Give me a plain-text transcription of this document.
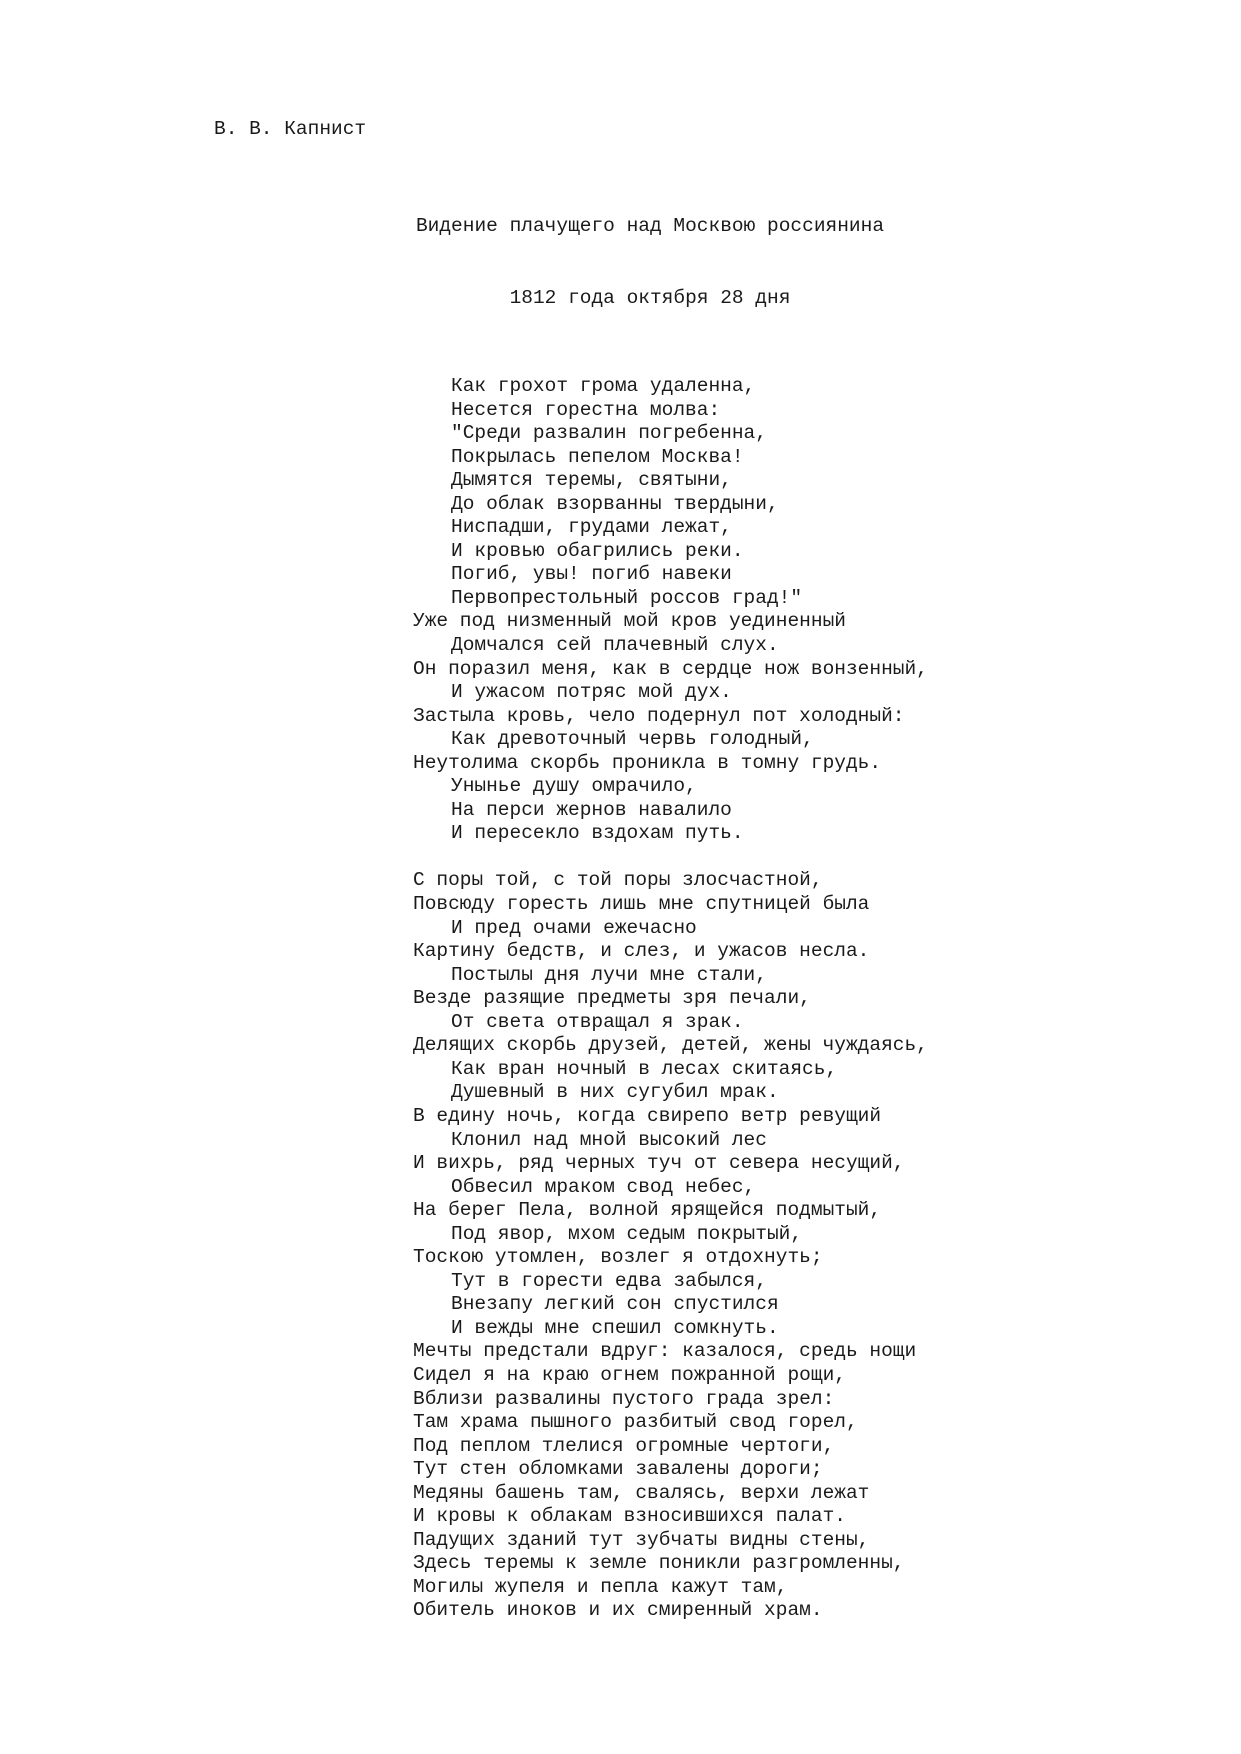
В. В. Капнист

Видение плачущего над Москвою россиянина

1812 года октября 28 дня

Как грохот грома удаленна,
Несется горестна молва:
"Среди развалин погребенна,
Покрылась пепелом Москва!
Дымятся теремы, святыни,
До облак взорванны твердыни,
Ниспадши, грудами лежат,
И кровью обагрились реки.
Погиб, увы! погиб навеки
Первопрестольный россов град!"
Уже под низменный мой кров уединенный
Домчался сей плачевный слух.
Он поразил меня, как в сердце нож вонзенный,
И ужасом потряс мой дух.
Застыла кровь, чело подернул пот холодный:
Как древоточный червь голодный,
Неутолима скорбь проникла в томну грудь.
Унынье душу омрачило,
На перси жернов навалило
И пересекло вздохам путь.
С поры той, с той поры злосчастной,
Повсюду горесть лишь мне спутницей была
И пред очами ежечасно
Картину бедств, и слез, и ужасов несла.
Постылы дня лучи мне стали,
Везде разящие предметы зря печали,
От света отвращал я зрак.
Делящих скорбь друзей, детей, жены чуждаясь,
Как вран ночный в лесах скитаясь,
Душевный в них сугубил мрак.
В едину ночь, когда свирепо ветр ревущий
Клонил над мной высокий лес
И вихрь, ряд черных туч от севера несущий,
Обвесил мраком свод небес,
На берег Пела, волной ярящейся подмытый,
Под явор, мхом седым покрытый,
Тоскою утомлен, возлег я отдохнуть;
Тут в горести едва забылся,
Внезапу легкий сон спустился
И вежды мне спешил сомкнуть.
Мечты предстали вдруг: казалося, средь нощи
Сидел я на краю огнем пожранной рощи,
Вблизи развалины пустого града зрел:
Там храма пышного разбитый свод горел,
Под пеплом тлелися огромные чертоги,
Тут стен обломками завалены дороги;
Медяны башень там, свалясь, верхи лежат
И кровы к облакам взносившихся палат.
Падущих зданий тут зубчаты видны стены,
Здесь теремы к земле поникли разгромленны,
Могилы жупеля и пепла кажут там,
Обитель иноков и их смиренный храм.
